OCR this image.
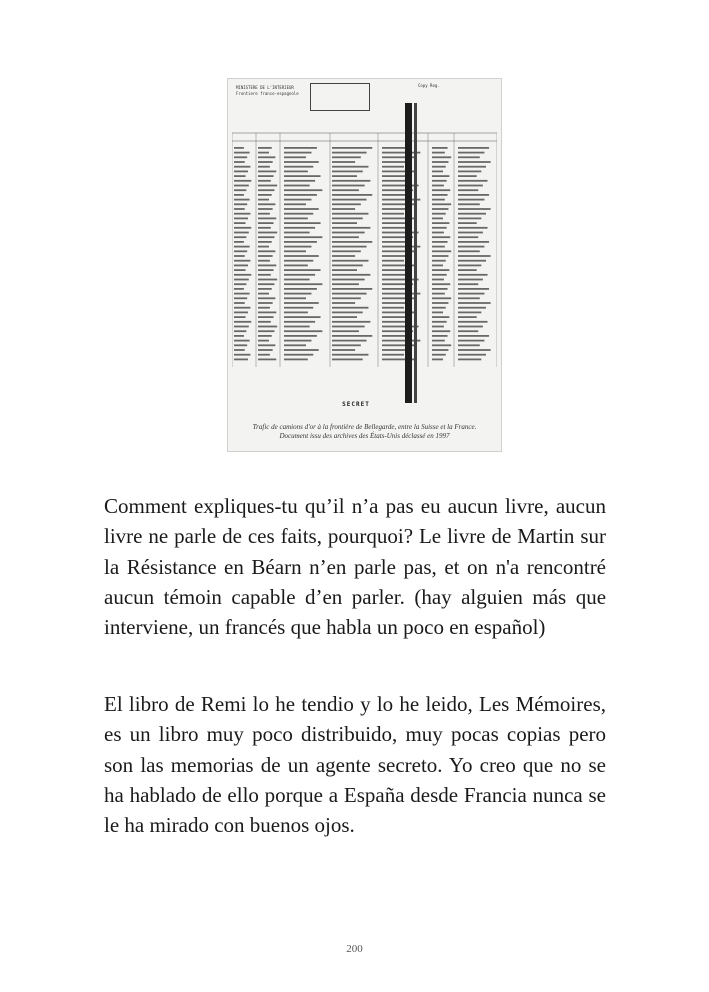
MINISTERE DE L'INTERIEUR
Frontiere franco-espagnole
Copy Reg.
SECRET
Trafic de camions d'or à la frontière de Bellegarde, entre la Suisse et la France.
Document issu des archives des États-Unis déclassé en 1997
Comment expliques-tu qu’il n’a pas eu aucun livre, aucun livre ne parle de ces faits, pourquoi? Le livre de Martin sur la Résistance en Béarn n’en parle pas, et on n'a rencontré aucun témoin capable d’en parler. (hay alguien más que interviene, un francés que habla un poco en español)
El libro de Remi lo he tendio y lo he leido, Les Mémoires, es un libro muy poco distribuido, muy pocas copias pero son las memorias de un agente secreto. Yo creo que no se ha hablado de ello porque a España desde Francia nunca se le ha mirado con buenos ojos.
200
